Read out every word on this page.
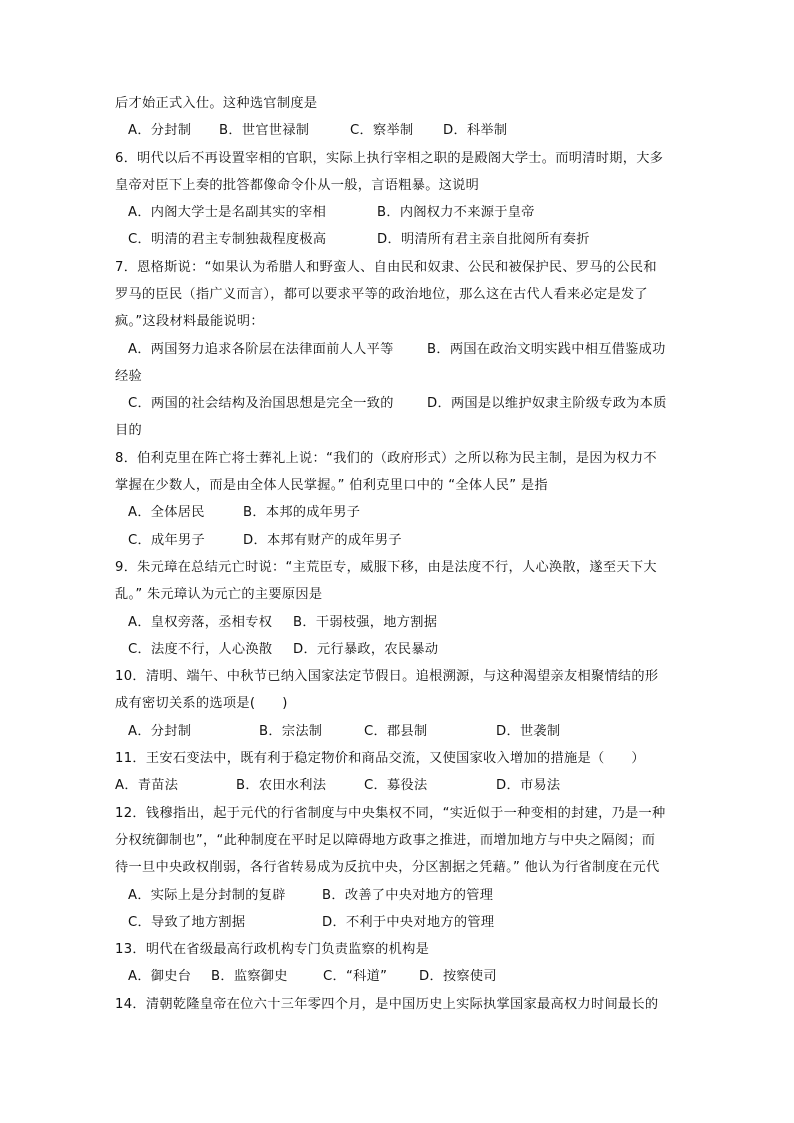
后才始正式入仕。这种选官制度是
A．分封制 B．世官世禄制	C．察举制 D．科举制
6．明代以后不再设置宰相的官职，实际上执行宰相之职的是殿阁大学士。而明清时期，大多
皇帝对臣下上奏的批答都像命令仆从一般，言语粗暴。这说明
A．内阁大学士是名副其实的宰相	B．内阁权力不来源于皇帝
C．明清的君主专制独裁程度极高	D．明清所有君主亲自批阅所有奏折
7．恩格斯说：“如果认为希腊人和野蛮人、自由民和奴隶、公民和被保护民、罗马的公民和
罗马的臣民（指广义而言），都可以要求平等的政治地位，那么这在古代人看来必定是发了
疯。”这段材料最能说明：
A．两国努力追求各阶层在法律面前人人平等	B．两国在政治文明实践中相互借鉴成功
经验
C．两国的社会结构及治国思想是完全一致的	D．两国是以维护奴隶主阶级专政为本质
目的
8．伯利克里在阵亡将士葬礼上说：“我们的（政府形式）之所以称为民主制，是因为权力不
掌握在少数人，而是由全体人民掌握。” 伯利克里口中的 “全体人民” 是指
A．全体居民	B．本邦的成年男子
C．成年男子	D．本邦有财产的成年男子
9．朱元璋在总结元亡时说：“主荒臣专，威服下移，由是法度不行，人心涣散，遂至天下大
乱。” 朱元璋认为元亡的主要原因是
A．皇权旁落，丞相专权 B．干弱枝强，地方割据
C．法度不行，人心涣散 D．元行暴政，农民暴动
10．清明、端午、中秋节已纳入国家法定节假日。追根溯源，与这种渴望亲友相聚情结的形
成有密切关系的选项是(　　)
A．分封制	B．宗法制	C．郡县制	D．世袭制
11．王安石变法中，既有利于稳定物价和商品交流，又使国家收入增加的措施是（　　）
A．青苗法	B．农田水利法	C．募役法	D．市易法
12．钱穆指出，起于元代的行省制度与中央集权不同，“实近似于一种变相的封建，乃是一种
分权统御制也”，“此种制度在平时足以障碍地方政事之推进，而增加地方与中央之隔阂；而
待一旦中央政权削弱，各行省转易成为反抗中央，分区割据之凭藉。” 他认为行省制度在元代
A．实际上是分封制的复辟	B．改善了中央对地方的管理
C．导致了地方割据	D．不利于中央对地方的管理
13．明代在省级最高行政机构专门负责监察的机构是
A．御史台 B．监察御史	C．“科道” D．按察使司
14．清朝乾隆皇帝在位六十三年零四个月，是中国历史上实际执掌国家最高权力时间最长的
